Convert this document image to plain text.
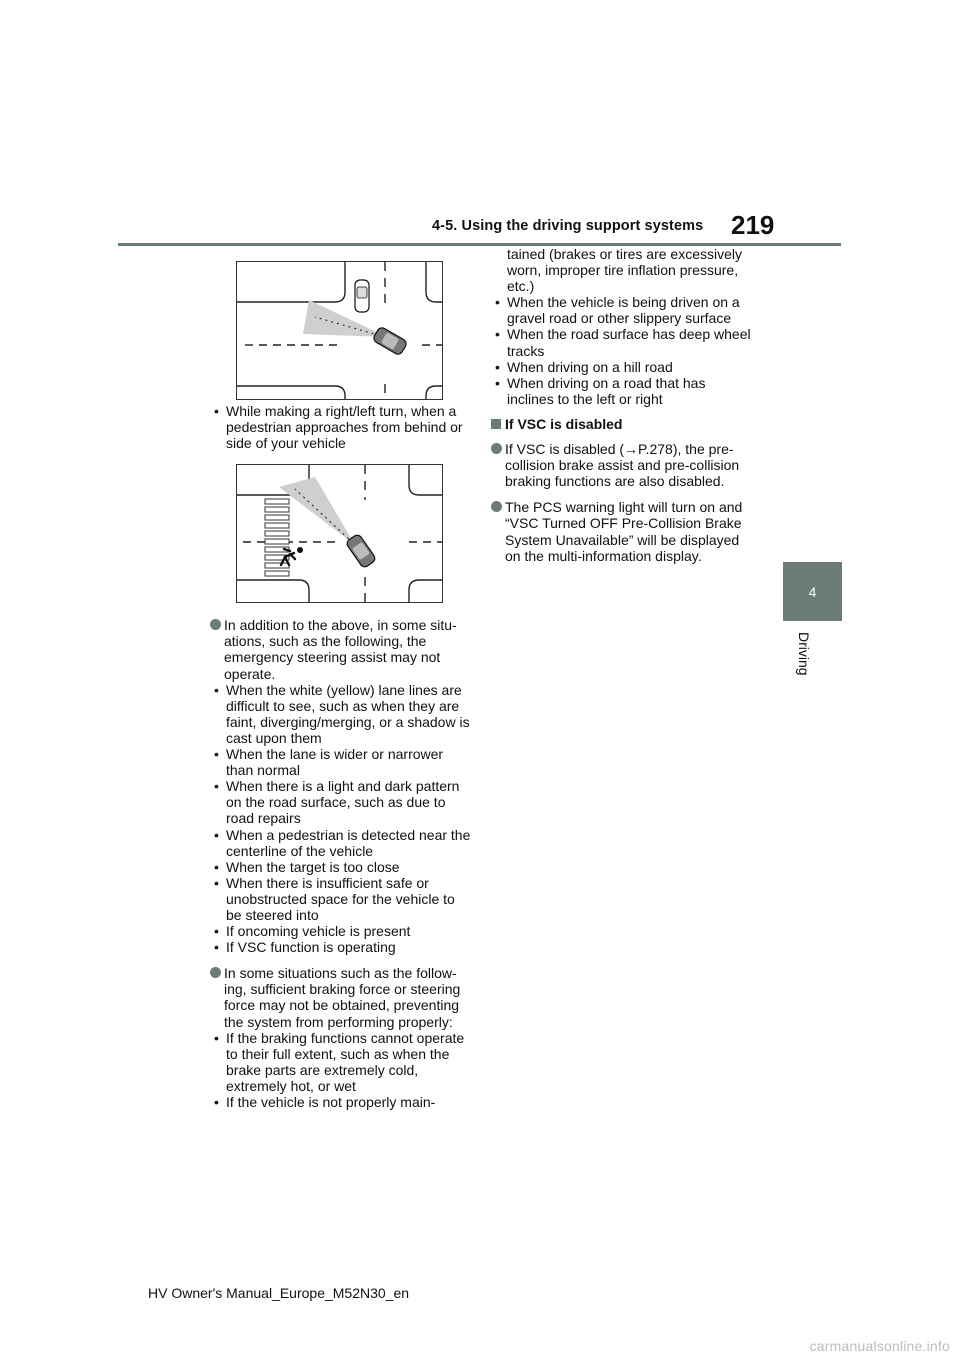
4-5. Using the driving support systems 219
4
Driving

• While making a right/left turn, when a pedestrian approaches from behind or side of your vehicle

In addition to the above, in some situ-ations, such as the following, the emergency steering assist may not operate.

• When the white (yellow) lane lines are difficult to see, such as when they are faint, diverging/merging, or a shadow is cast upon them

• When the lane is wider or narrower than normal

• When there is a light and dark pattern on the road surface, such as due to road repairs

• When a pedestrian is detected near the centerline of the vehicle

• When the target is too close

• When there is insufficient safe or unobstructed space for the vehicle to be steered into

• If oncoming vehicle is present

• If VSC function is operating

In some situations such as the follow-ing, sufficient braking force or steering force may not be obtained, preventing the system from performing properly:

• If the braking functions cannot operate to their full extent, such as when the brake parts are extremely cold, extremely hot, or wet

• If the vehicle is not properly main-

tained (brakes or tires are excessively worn, improper tire inflation pressure, etc.)

• When the vehicle is being driven on a gravel road or other slippery surface

• When the road surface has deep wheel tracks

• When driving on a hill road

• When driving on a road that has inclines to the left or right

If VSC is disabled

If VSC is disabled (→P.278), the pre-collision brake assist and pre-collision braking functions are also disabled.

The PCS warning light will turn on and “VSC Turned OFF Pre-Collision Brake System Unavailable” will be displayed on the multi-information display.

HV Owner's Manual_Europe_M52N30_en
carmanualsonline.info
